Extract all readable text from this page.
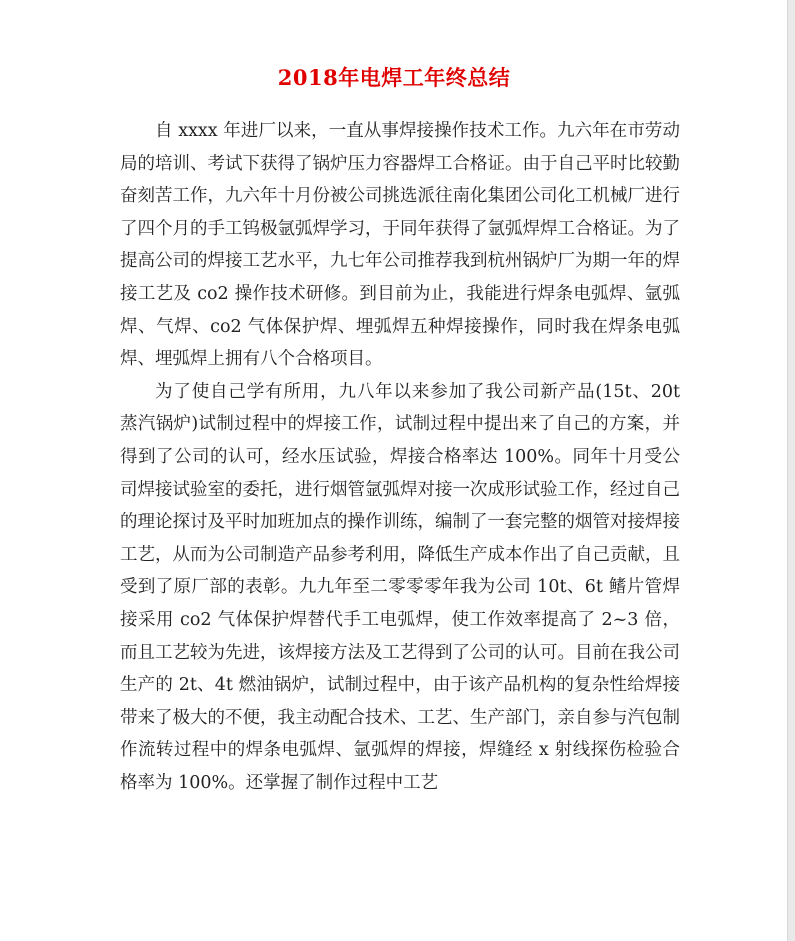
2018年电焊工年终总结

自 xxxx 年进厂以来，一直从事焊接操作技术工作。九六年在市劳动局的培训、考试下获得了锅炉压力容器焊工合格证。由于自己平时比较勤奋刻苦工作，九六年十月份被公司挑选派往南化集团公司化工机械厂进行了四个月的手工钨极氩弧焊学习，于同年获得了氩弧焊焊工合格证。为了提高公司的焊接工艺水平，九七年公司推荐我到杭州锅炉厂为期一年的焊接工艺及 co2 操作技术研修。到目前为止，我能进行焊条电弧焊、氩弧焊、气焊、co2 气体保护焊、埋弧焊五种焊接操作，同时我在焊条电弧焊、埋弧焊上拥有八个合格项目。

为了使自己学有所用，九八年以来参加了我公司新产品(15t、20t 蒸汽锅炉)试制过程中的焊接工作，试制过程中提出来了自己的方案，并得到了公司的认可，经水压试验，焊接合格率达 100%。同年十月受公司焊接试验室的委托，进行烟管氩弧焊对接一次成形试验工作，经过自己的理论探讨及平时加班加点的操作训练，编制了一套完整的烟管对接焊接工艺，从而为公司制造产品参考利用，降低生产成本作出了自己贡献，且受到了原厂部的表彰。九九年至二零零零年我为公司 10t、6t 鳍片管焊接采用 co2 气体保护焊替代手工电弧焊，使工作效率提高了 2~3 倍，而且工艺较为先进，该焊接方法及工艺得到了公司的认可。目前在我公司生产的 2t、4t 燃油锅炉，试制过程中，由于该产品机构的复杂性给焊接带来了极大的不便，我主动配合技术、工艺、生产部门，亲自参与汽包制作流转过程中的焊条电弧焊、氩弧焊的焊接，焊缝经 x 射线探伤检验合格率为 100%。还掌握了制作过程中工艺
